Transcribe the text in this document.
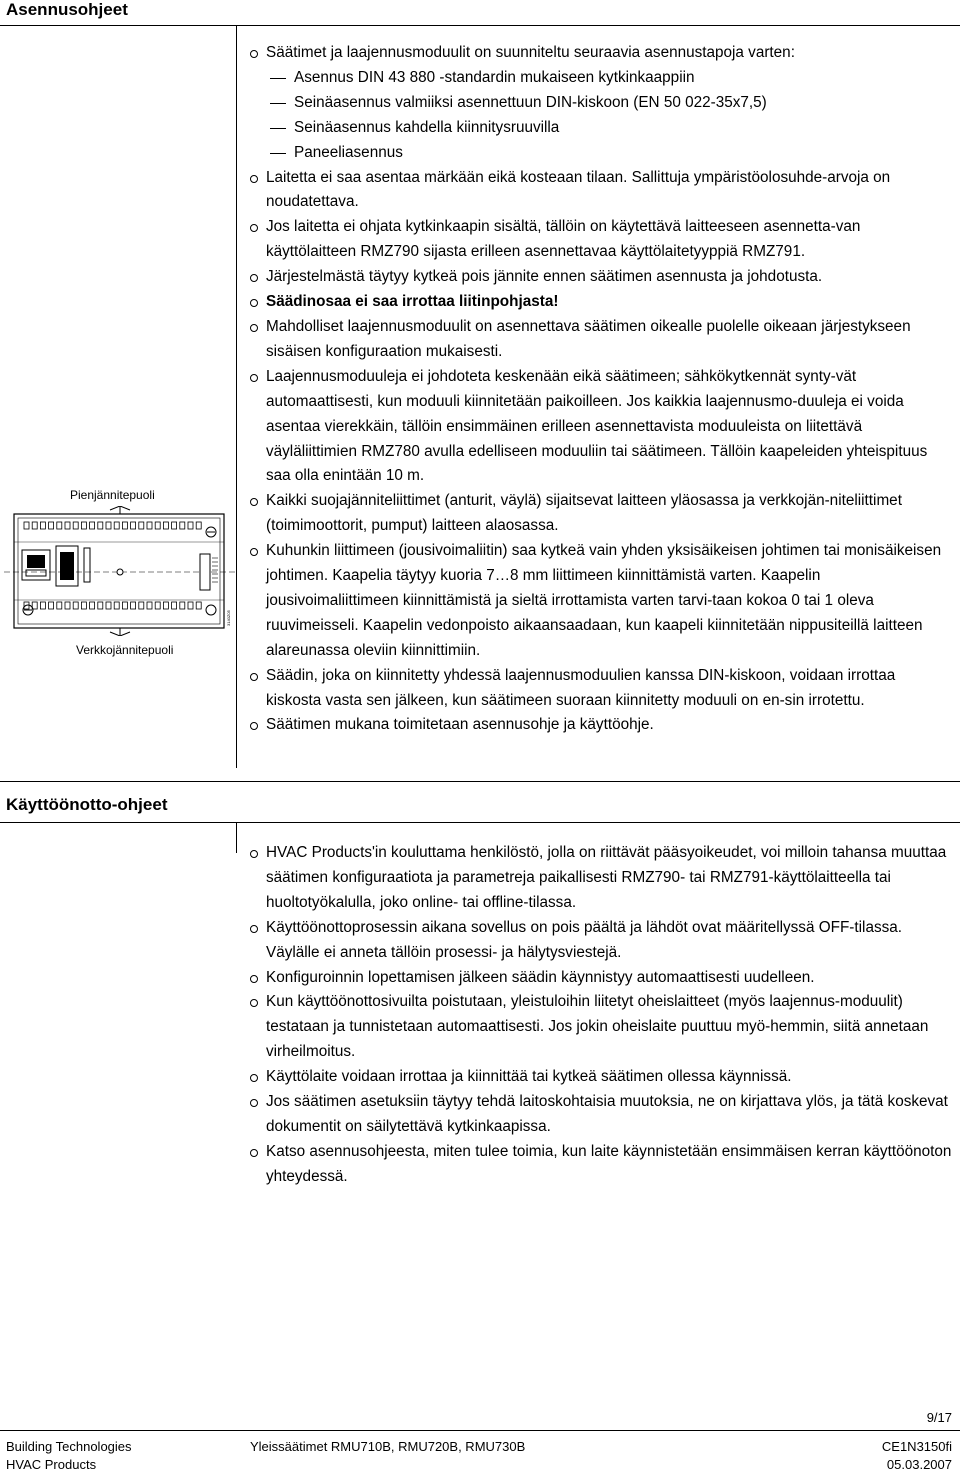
Asennusohjeet
Säätimet ja laajennusmoduulit on suunniteltu seuraavia asennustapoja varten:
Asennus DIN 43 880 -standardin mukaiseen kytkinkaappiin
Seinäasennus valmiiksi asennettuun DIN-kiskoon (EN 50 022-35x7,5)
Seinäasennus kahdella kiinnitysruuvilla
Paneeliasennus
Laitetta ei saa asentaa märkään eikä kosteaan tilaan. Sallittuja ympäristöolosuhde-arvoja on noudatettava.
Jos laitetta ei ohjata kytkinkaapin sisältä, tällöin on käytettävä laitteeseen asennetta-van käyttölaitteen RMZ790 sijasta erilleen asennettavaa käyttölaitetyyppiä RMZ791.
Järjestelmästä täytyy kytkeä pois jännite ennen säätimen asennusta ja johdotusta.
Säädinosaa ei saa irrottaa liitinpohjasta!
Mahdolliset laajennusmoduulit on asennettava säätimen oikealle puolelle oikeaan järjestykseen sisäisen konfiguraation mukaisesti.
Laajennusmoduuleja ei johdoteta keskenään eikä säätimeen; sähkökytkennät synty-vät automaattisesti, kun moduuli kiinnitetään paikoilleen. Jos kaikkia laajennusmo-duuleja ei voida asentaa vierekkäin, tällöin ensimmäinen erilleen asennettavista moduuleista on liitettävä väyläliittimien RMZ780 avulla edelliseen moduuliin tai säätimeen. Tällöin kaapeleiden yhteispituus saa olla enintään 10 m.
Kaikki suojajänniteliittimet (anturit, väylä) sijaitsevat laitteen yläosassa ja verkkojän-niteliittimet (toimimoottorit, pumput) laitteen alaosassa.
Kuhunkin liittimeen (jousivoimaliitin) saa kytkeä vain yhden yksisäikeisen johtimen tai monisäikeisen johtimen. Kaapelia täytyy kuoria 7…8 mm liittimeen kiinnittämistä varten. Kaapelin jousivoimaliittimeen kiinnittämistä ja sieltä irrottamista varten tarvi-taan kokoa 0 tai 1 oleva ruuvimeisseli. Kaapelin vedonpoisto aikaansaadaan, kun kaapeli kiinnitetään nippusiteillä laitteen alareunassa oleviin kiinnittimiin.
Säädin, joka on kiinnitetty yhdessä laajennusmoduulien kanssa DIN-kiskoon, voidaan irrottaa kiskosta vasta sen jälkeen, kun säätimeen suoraan kiinnitetty moduuli on en-sin irrotettu.
Säätimen mukana toimitetaan asennusohje ja käyttöohje.
Pienjännitepuoli
Verkkojännitepuoli
3140Z05
Käyttöönotto-ohjeet
HVAC Products'in kouluttama henkilöstö, jolla on riittävät pääsyoikeudet, voi milloin tahansa muuttaa säätimen konfiguraatiota ja parametreja paikallisesti RMZ790- tai RMZ791-käyttölaitteella tai huoltotyökalulla, joko online- tai offline-tilassa.
Käyttöönottoprosessin aikana sovellus on pois päältä ja lähdöt ovat määritellyssä OFF-tilassa. Väylälle ei anneta tällöin prosessi- ja hälytysviestejä.
Konfiguroinnin lopettamisen jälkeen säädin käynnistyy automaattisesti uudelleen.
Kun käyttöönottosivuilta poistutaan, yleistuloihin liitetyt oheislaitteet (myös laajennus-moduulit) testataan ja tunnistetaan automaattisesti. Jos jokin oheislaite puuttuu myö-hemmin, siitä annetaan virheilmoitus.
Käyttölaite voidaan irrottaa ja kiinnittää tai kytkeä säätimen ollessa käynnissä.
Jos säätimen asetuksiin täytyy tehdä laitoskohtaisia muutoksia, ne on kirjattava ylös, ja tätä koskevat dokumentit on säilytettävä kytkinkaapissa.
Katso asennusohjeesta, miten tulee toimia, kun laite käynnistetään ensimmäisen kerran käyttöönoton yhteydessä.
9/17
Building Technologies
HVAC Products
Yleissäätimet RMU710B, RMU720B, RMU730B	CE1N3150fi
05.03.2007
